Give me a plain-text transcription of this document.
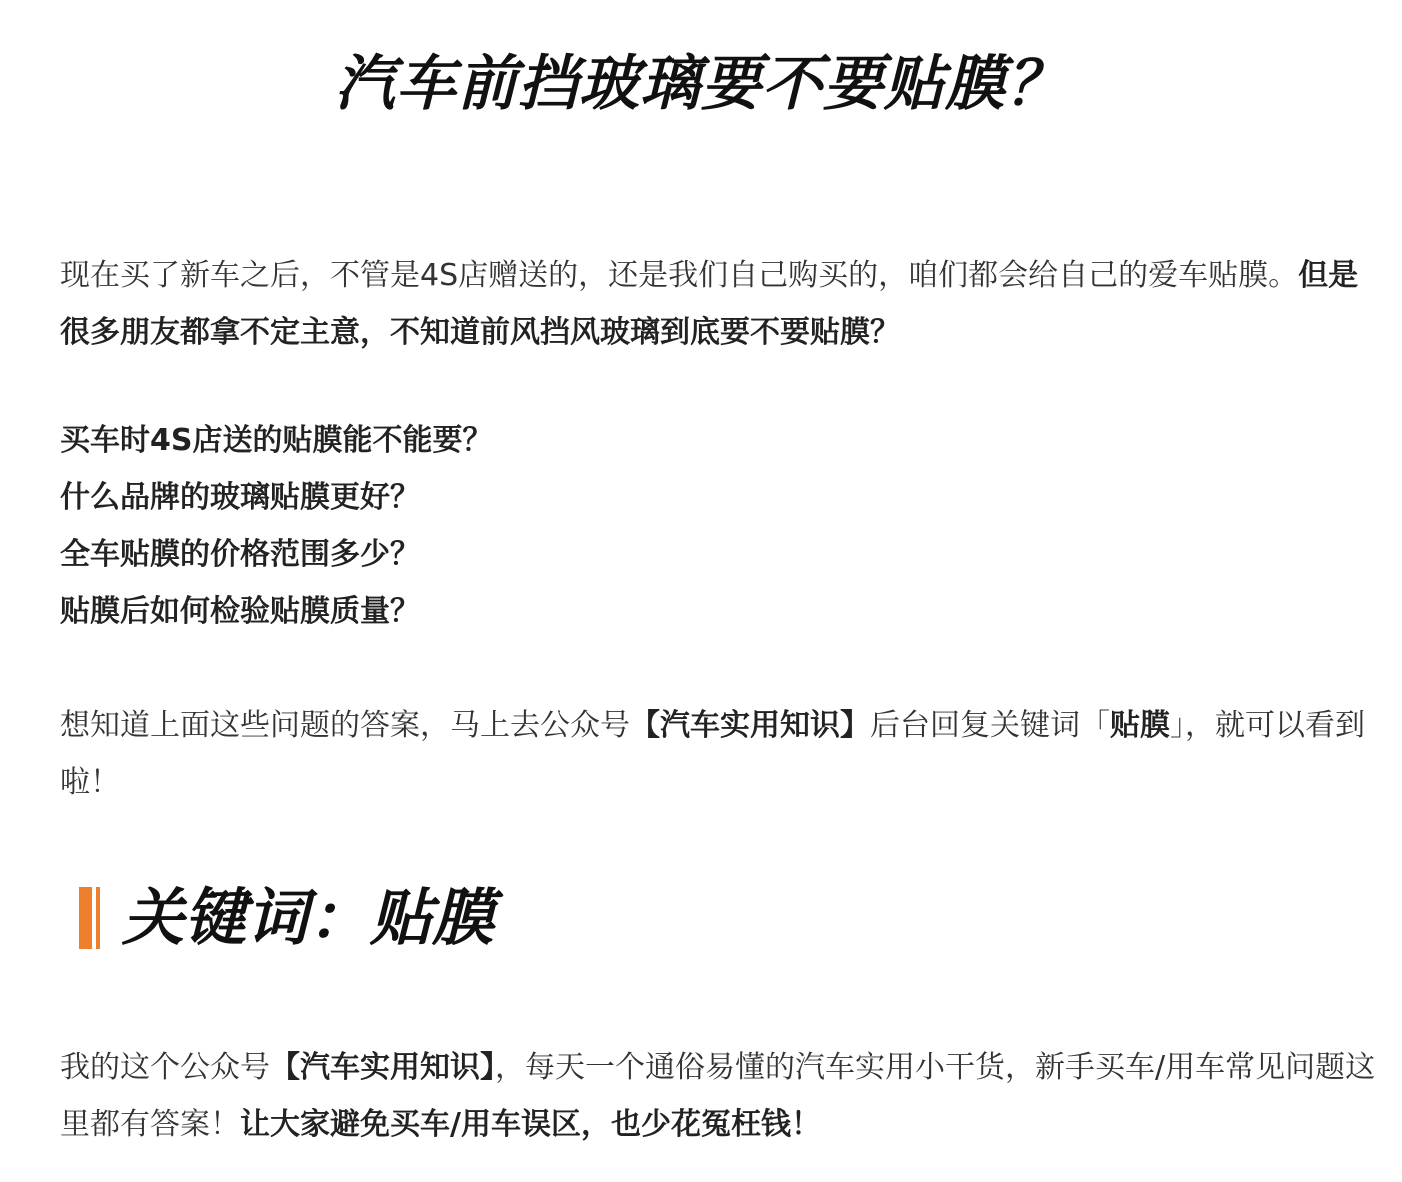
汽车前挡玻璃要不要贴膜？
现在买了新车之后，不管是4S店赠送的，还是我们自己购买的，咱们都会给自己的爱车贴膜。但是很多朋友都拿不定主意，不知道前风挡风玻璃到底要不要贴膜？
买车时4S店送的贴膜能不能要？
什么品牌的玻璃贴膜更好？
全车贴膜的价格范围多少？
贴膜后如何检验贴膜质量？
想知道上面这些问题的答案，马上去公众号【汽车实用知识】后台回复关键词「贴膜」，就可以看到啦！
关键词：贴膜
我的这个公众号【汽车实用知识】，每天一个通俗易懂的汽车实用小干货，新手买车/用车常见问题这里都有答案！让大家避免买车/用车误区，也少花冤枉钱！
